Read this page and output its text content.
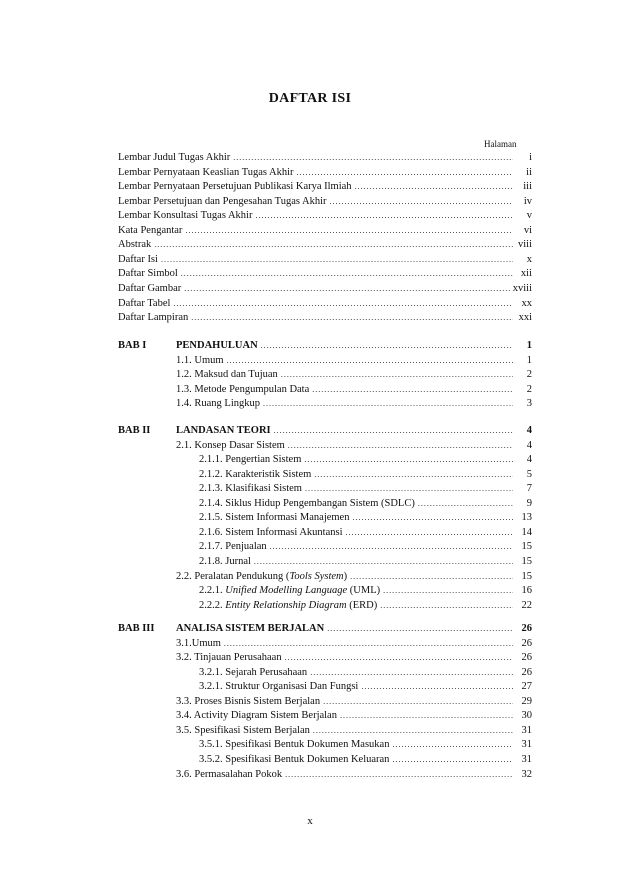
DAFTAR ISI
Halaman
Lembar Judul Tugas Akhir .....	i
Lembar Pernyataan Keaslian Tugas Akhir .....	ii
Lembar Pernyataan Persetujuan Publikasi Karya Ilmiah .....	iii
Lembar Persetujuan dan Pengesahan Tugas Akhir .....	iv
Lembar Konsultasi Tugas Akhir .....	v
Kata Pengantar .....	vi
Abstrak .....	viii
Daftar Isi .....	x
Daftar Simbol .....	xii
Daftar Gambar .....	xviii
Daftar Tabel .....	xx
Daftar Lampiran .....	xxi
BAB I	PENDAHULUAN .....	1
1.1. Umum .....	1
1.2. Maksud dan Tujuan .....	2
1.3. Metode Pengumpulan Data .....	2
1.4. Ruang Lingkup .....	3
BAB II LANDASAN TEORI .....	4
2.1. Konsep Dasar Sistem .....	4
2.1.1. Pengertian Sistem .....	4
2.1.2. Karakteristik Sistem .....	5
2.1.3. Klasifikasi Sistem .....	7
2.1.4. Siklus Hidup Pengembangan Sistem (SDLC) .....	9
2.1.5. Sistem Informasi Manajemen .....	13
2.1.6. Sistem Informasi Akuntansi .....	14
2.1.7. Penjualan .....	15
2.1.8. Jurnal .....	15
2.2. Peralatan Pendukung (Tools System) .....	15
2.2.1. Unified Modelling Language (UML) .....	16
2.2.2. Entity Relationship Diagram (ERD) .....	22
BAB III ANALISA SISTEM BERJALAN .....	26
3.1.Umum .....	26
3.2. Tinjauan Perusahaan .....	26
3.2.1. Sejarah Perusahaan .....	26
3.2.1. Struktur Organisasi Dan Fungsi .....	27
3.3. Proses Bisnis Sistem Berjalan .....	29
3.4. Activity Diagram Sistem Berjalan .....	30
3.5. Spesifikasi Sistem Berjalan .....	31
3.5.1. Spesifikasi Bentuk Dokumen Masukan .....	31
3.5.2. Spesifikasi Bentuk Dokumen Keluaran .....	31
3.6. Permasalahan Pokok .....	32
x
